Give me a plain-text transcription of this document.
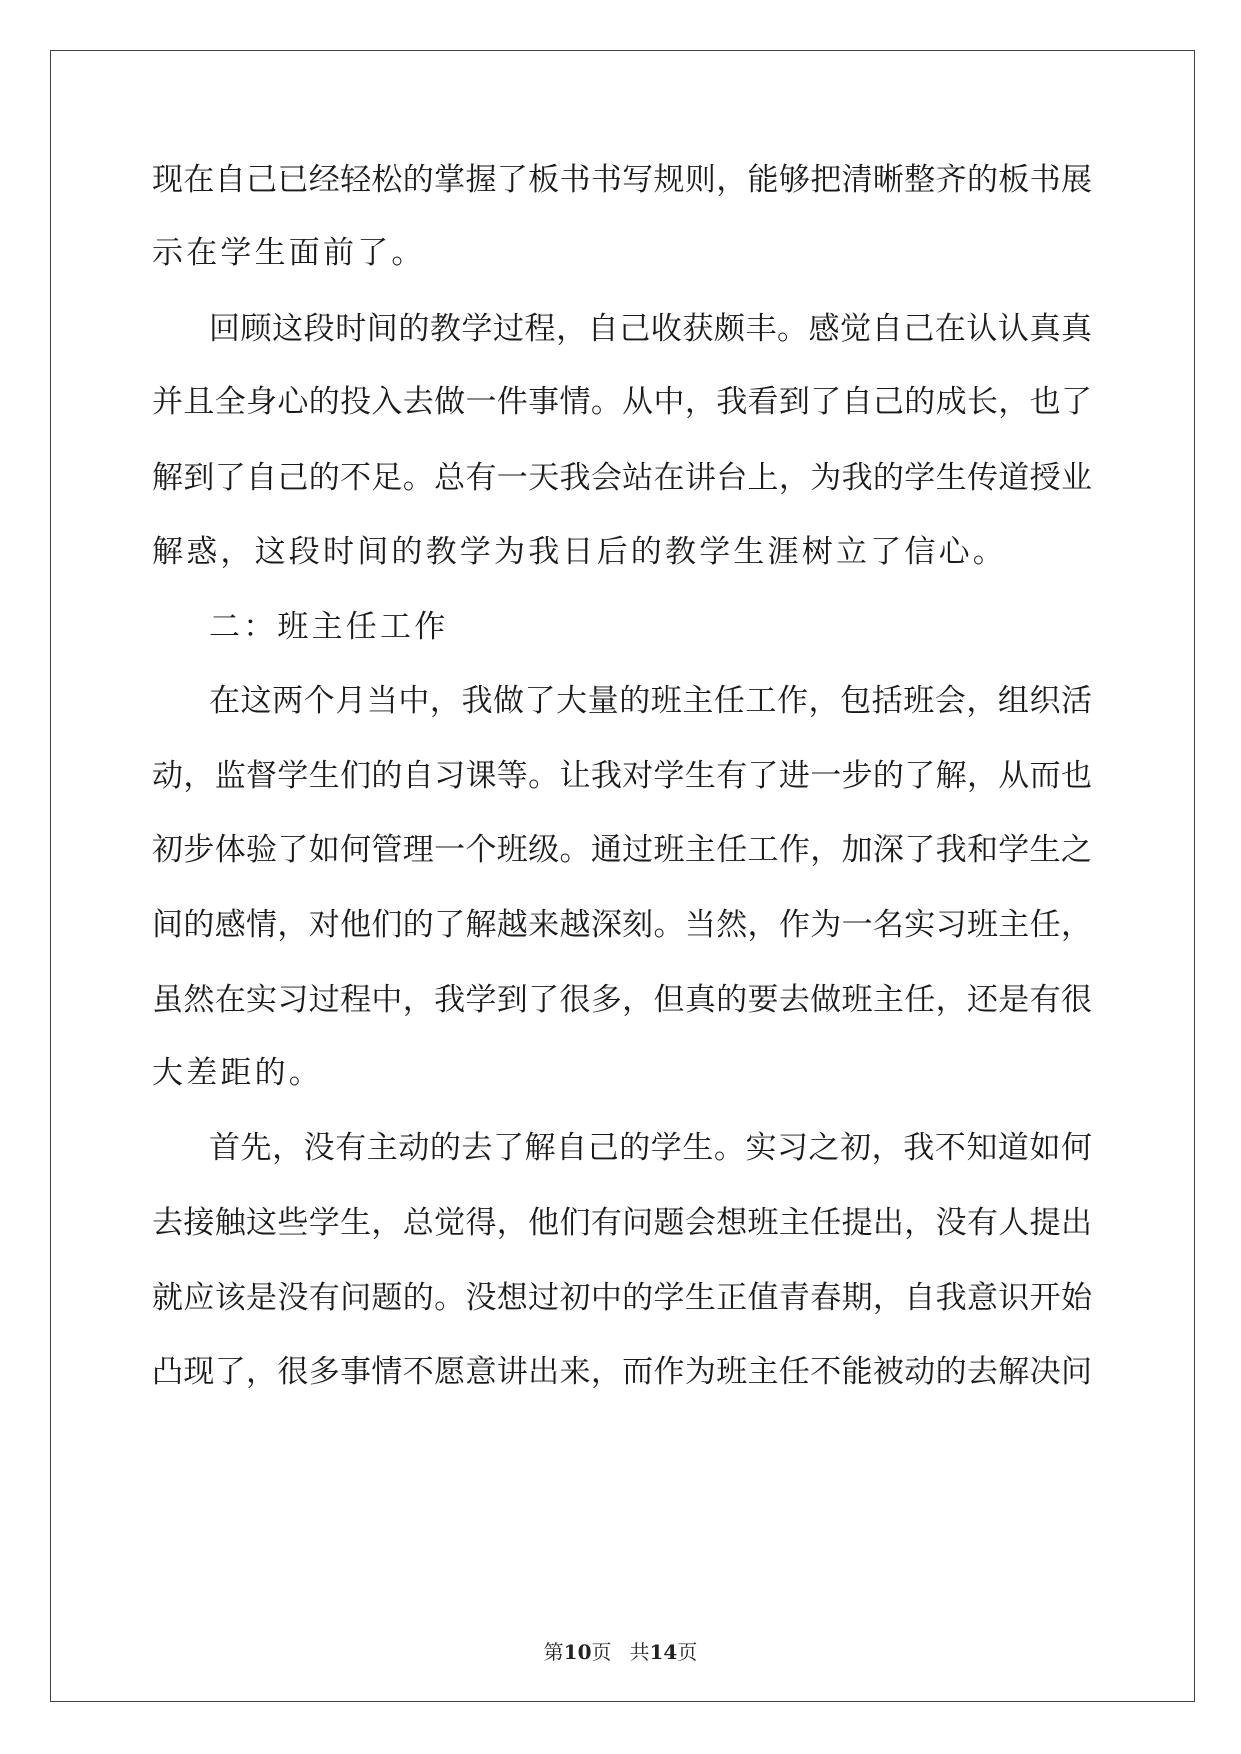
现在自己已经轻松的掌握了板书书写规则，能够把清晰整齐的板书展
示在学生面前了。
回顾这段时间的教学过程，自己收获颇丰。感觉自己在认认真真
并且全身心的投入去做一件事情。从中，我看到了自己的成长，也了
解到了自己的不足。总有一天我会站在讲台上，为我的学生传道授业
解惑，这段时间的教学为我日后的教学生涯树立了信心。
二：班主任工作
在这两个月当中，我做了大量的班主任工作，包括班会，组织活
动，监督学生们的自习课等。让我对学生有了进一步的了解，从而也
初步体验了如何管理一个班级。通过班主任工作，加深了我和学生之
间的感情，对他们的了解越来越深刻。当然，作为一名实习班主任，
虽然在实习过程中，我学到了很多，但真的要去做班主任，还是有很
大差距的。
首先，没有主动的去了解自己的学生。实习之初，我不知道如何
去接触这些学生，总觉得，他们有问题会想班主任提出，没有人提出
就应该是没有问题的。没想过初中的学生正值青春期，自我意识开始
凸现了，很多事情不愿意讲出来，而作为班主任不能被动的去解决问
第10页 共14页
